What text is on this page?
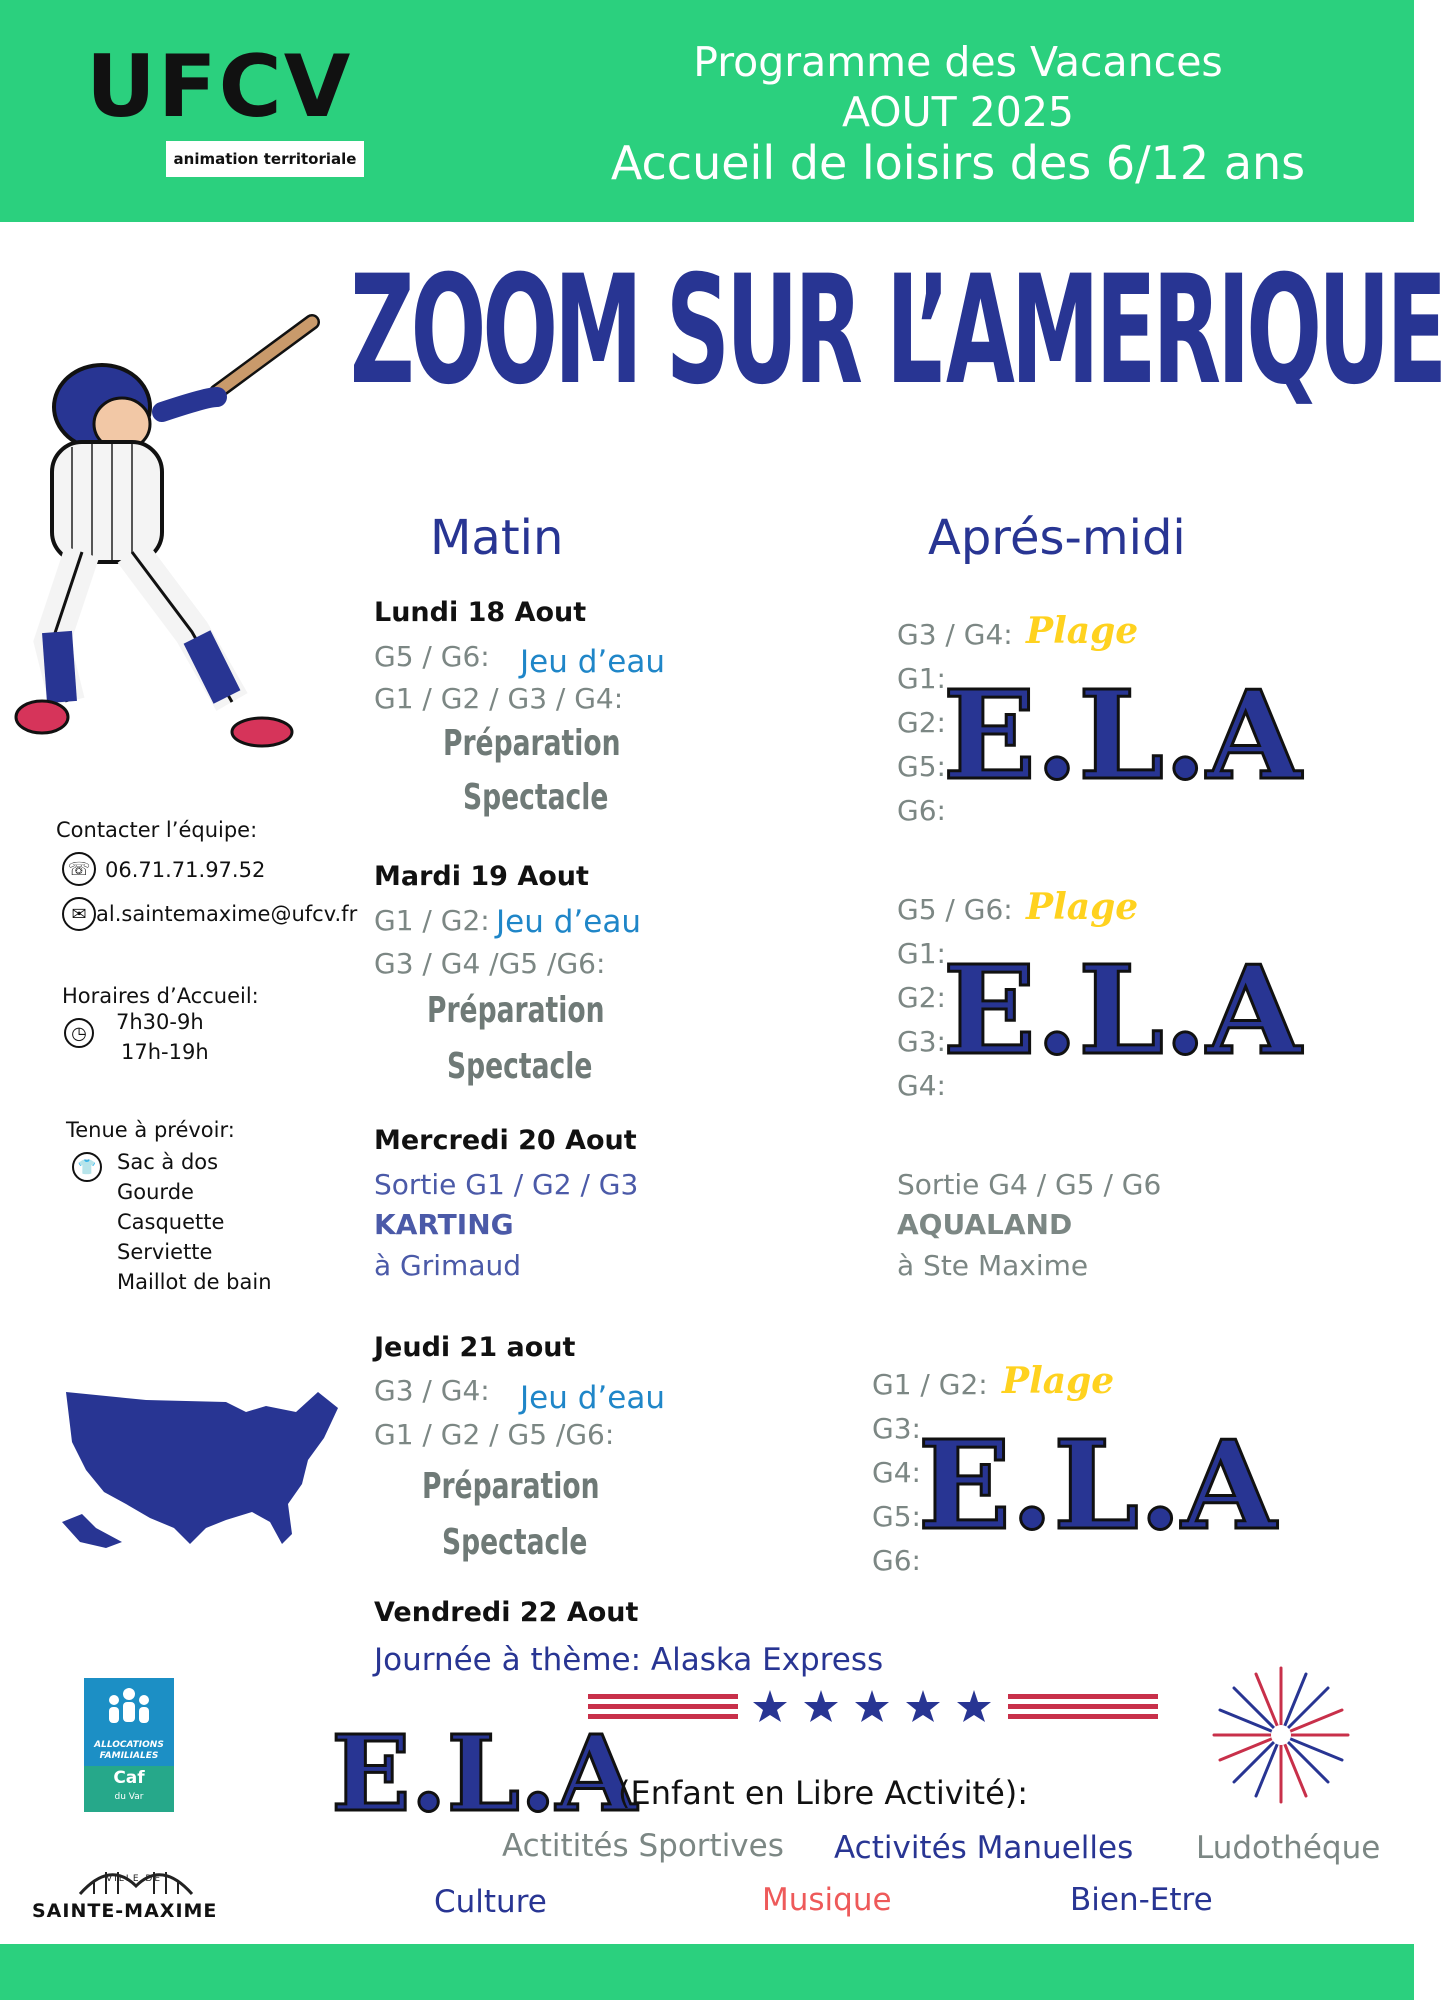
UFCV
animation territoriale
Programme des Vacances
AOUT 2025
Accueil de loisirs des 6/12 ans
ZOOM SUR L’AMERIQUE
Matin	Aprés-midi
Contacter l’équipe:
☏ 06.71.71.97.52
✉ al.saintemaxime@ufcv.fr
Horaires d’Accueil:
◷	7h30-9h
17h-19h
Tenue à prévoir:
👕 Sac à dos
Gourde
Casquette
Serviette
Maillot de bain
Lundi 18 Aout
G5 / G6: Jeu d’eau
G1 / G2 / G3 / G4:
Préparation
Spectacle
G3 / G4: Plage
G1:
G2:
G5:
G6:
E.L.A
Mardi 19 Aout
G1 / G2: Jeu d’eau
G3 / G4 /G5 /G6:
Préparation
Spectacle
G5 / G6: Plage
G1:
G2:
G3:
G4:
E.L.A
Mercredi 20 Aout
Sortie G1 / G2 / G3
KARTING
à Grimaud
Sortie G4 / G5 / G6
AQUALAND
à Ste Maxime
Jeudi 21 aout
G3 / G4: Jeu d’eau
G1 / G2 / G5 /G6:
Préparation
Spectacle
G1 / G2: Plage
G3:
G4:
G5:
G6:
E.L.A
Vendredi 22 Aout
Journée à thème: Alaska Express
E.L.A
(Enfant en Libre Activité):
Actitités Sportives Activités Manuelles Ludothéque
Culture	Musique	Bien-Etre
ALLOCATIONS
FAMILIALES
Caf
du Var
VILLE DE
SAINTE-MAXIME
